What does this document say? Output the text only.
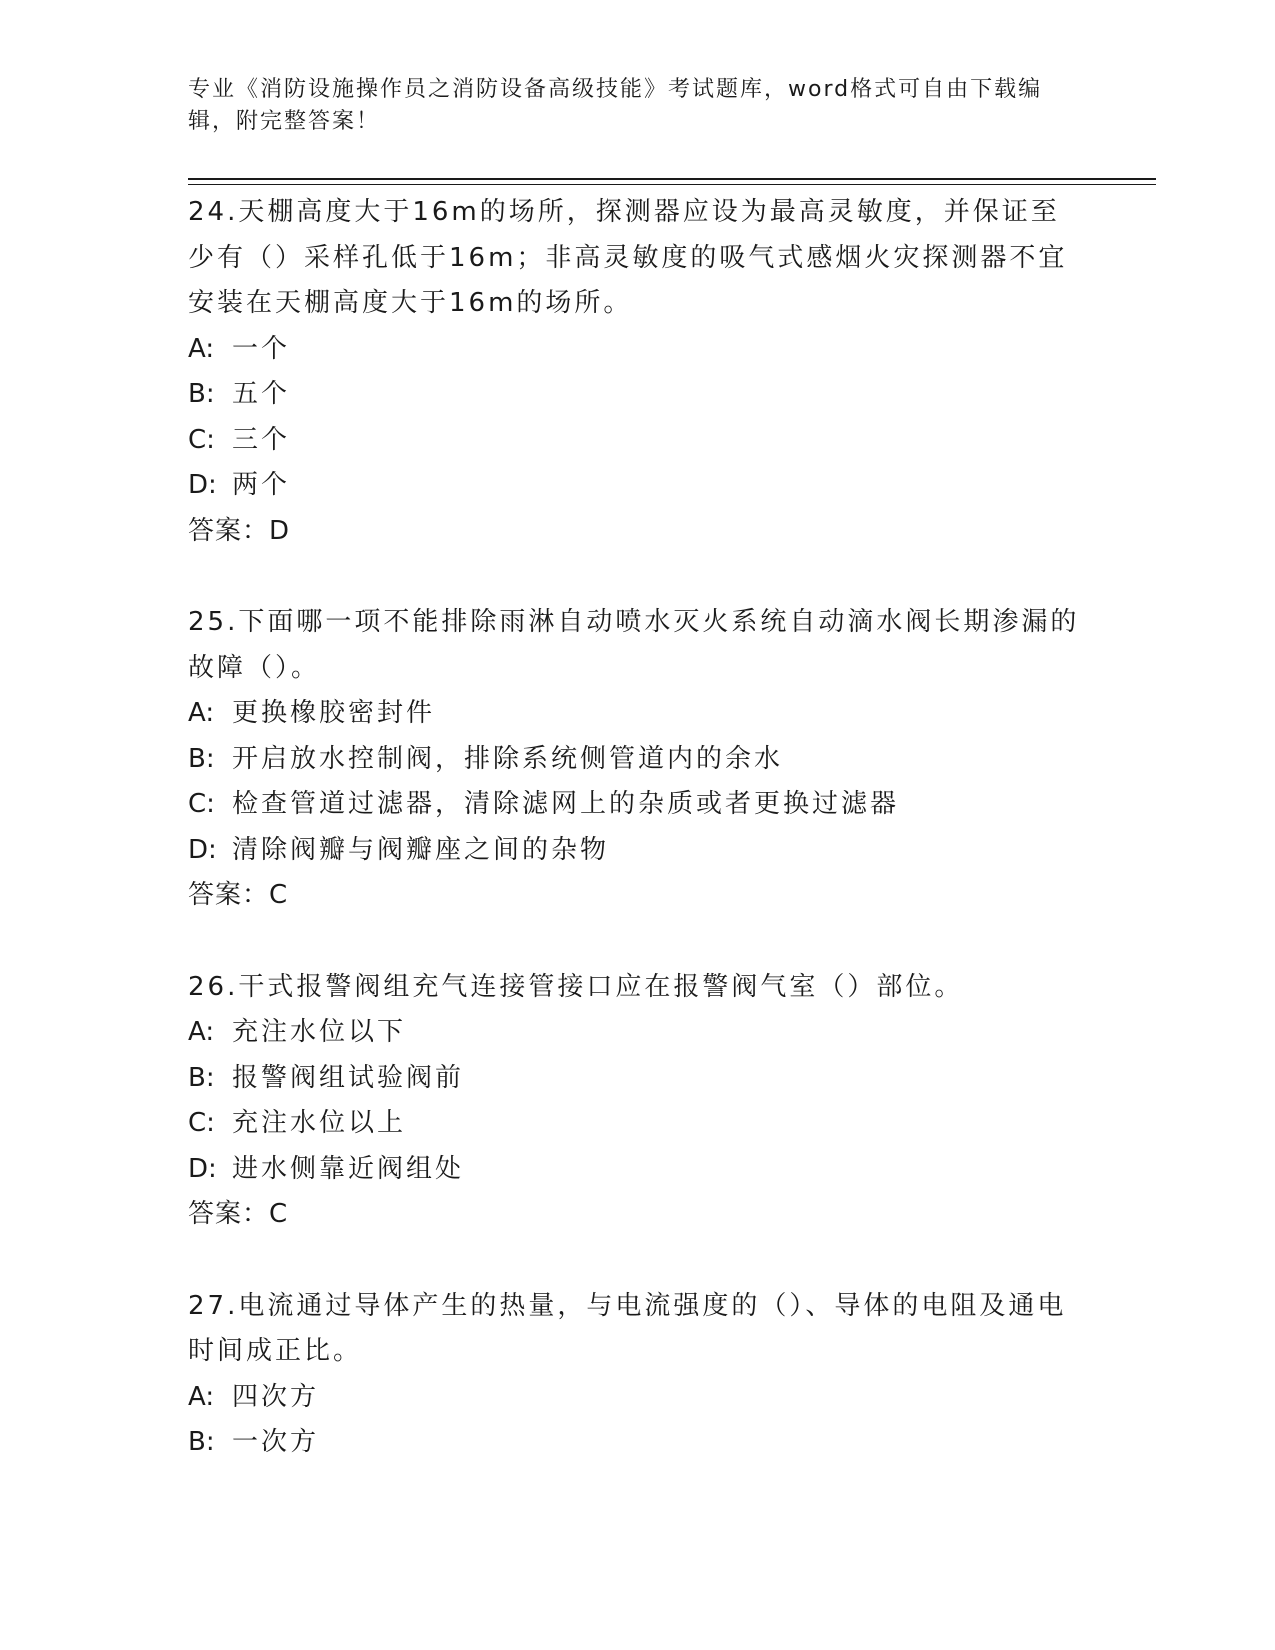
专业《消防设施操作员之消防设备高级技能》考试题库，word格式可自由下载编辑，附完整答案！

24.天棚高度大于16m的场所，探测器应设为最高灵敏度，并保证至少有（）采样孔低于16m；非高灵敏度的吸气式感烟火灾探测器不宜安装在天棚高度大于16m的场所。

A: 一个

B: 五个

C: 三个

D: 两个

答案：D

25.下面哪一项不能排除雨淋自动喷水灭火系统自动滴水阀长期渗漏的故障（）。

A: 更换橡胶密封件

B: 开启放水控制阀，排除系统侧管道内的余水

C: 检查管道过滤器，清除滤网上的杂质或者更换过滤器

D: 清除阀瓣与阀瓣座之间的杂物

答案：C

26.干式报警阀组充气连接管接口应在报警阀气室（）部位。

A: 充注水位以下

B: 报警阀组试验阀前

C: 充注水位以上

D: 进水侧靠近阀组处

答案：C

27.电流通过导体产生的热量，与电流强度的（）、导体的电阻及通电时间成正比。

A: 四次方

B: 一次方
